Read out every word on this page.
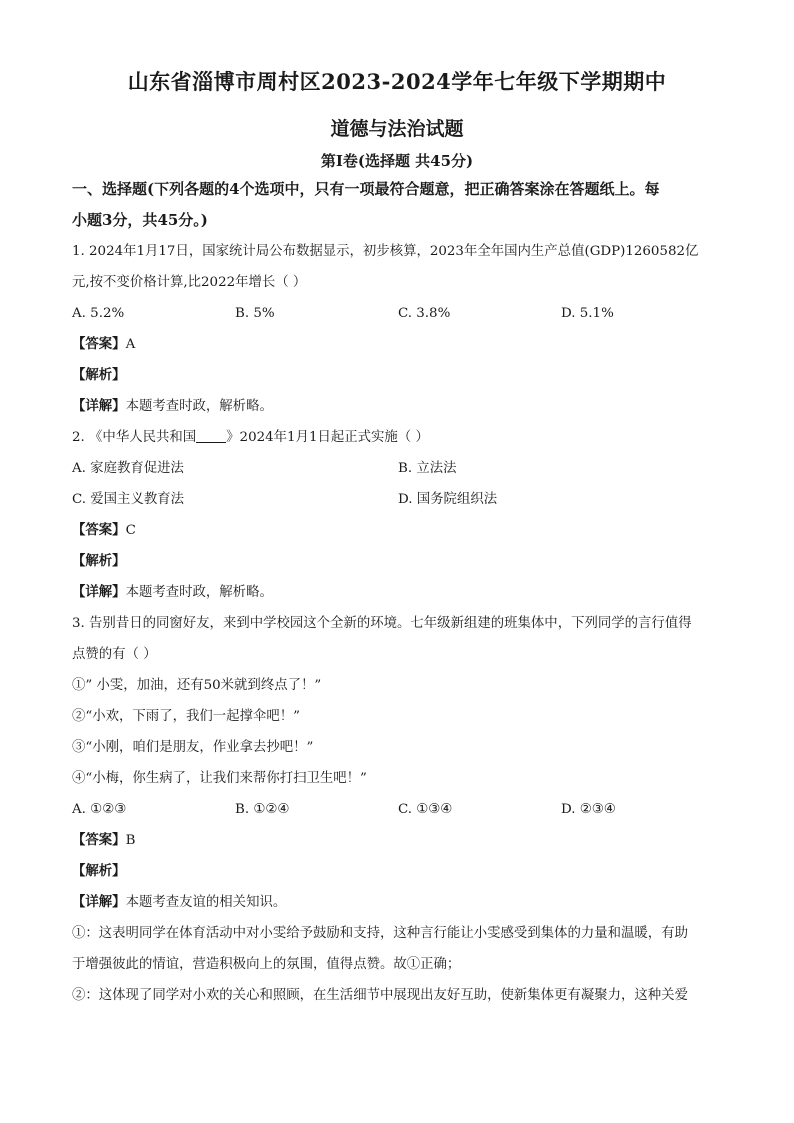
山东省淄博市周村区2023-2024学年七年级下学期期中
道德与法治试题
第Ⅰ卷(选择题 共45分)
一、选择题(下列各题的4个选项中，只有一项最符合题意，把正确答案涂在答题纸上。每
小题3分，共45分。)
1. 2024年1月17日，国家统计局公布数据显示，初步核算，2023年全年国内生产总值(GDP)1260582亿
元,按不变价格计算,比2022年增长（ ）
A. 5.2%	B. 5%	C. 3.8%	D. 5.1%
【答案】A
【解析】
【详解】本题考查时政，解析略。
2. 《中华人民共和国 》2024年1月1日起正式实施（ ）
A. 家庭教育促进法	B. 立法法
C. 爱国主义教育法	D. 国务院组织法
【答案】C
【解析】
【详解】本题考查时政，解析略。
3. 告别昔日的同窗好友，来到中学校园这个全新的环境。七年级新组建的班集体中，下列同学的言行值得
点赞的有（ ）
①” 小雯，加油，还有50米就到终点了！”
②“小欢，下雨了，我们一起撑伞吧！”
③“小刚，咱们是朋友，作业拿去抄吧！”
④“小梅，你生病了，让我们来帮你打扫卫生吧！”
A. ①②③	B. ①②④	C. ①③④	D. ②③④
【答案】B
【解析】
【详解】本题考查友谊的相关知识。
①：这表明同学在体育活动中对小雯给予鼓励和支持，这种言行能让小雯感受到集体的力量和温暖，有助
于增强彼此的情谊，营造积极向上的氛围，值得点赞。故①正确；
②：这体现了同学对小欢的关心和照顾，在生活细节中展现出友好互助，使新集体更有凝聚力，这种关爱
